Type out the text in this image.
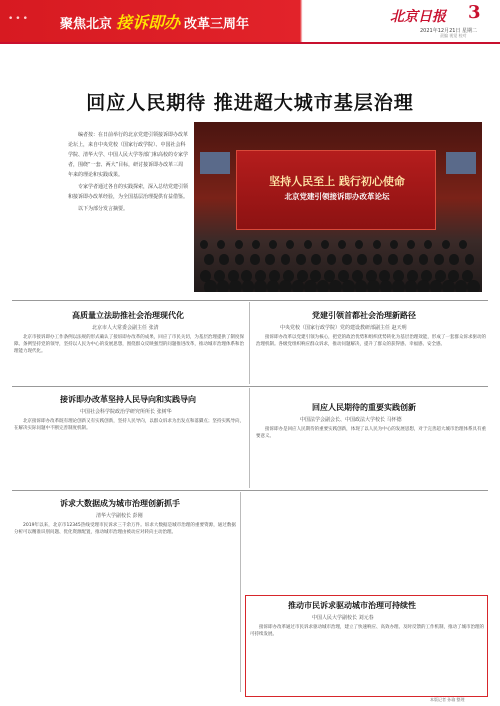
••• 聚焦北京 接诉即办 改革三周年	北京日报 3
2021年12月21日 星期二
责编 视觉 校对
回应人民期待 推进超大城市基层治理

编者按：在日前举行的北京党建引领接诉即办改革论坛上，来自中央党校（国家行政学院）、中国社会科学院、清华大学、中国人民大学等部门和高校的专家学者，围绕“一套、两大”目标，研讨接诉即办改革三周年来的理论和实践成果。

专家学者通过各自的实践探索，深入总结党建引领和接诉即办改革经验，为全国基层治理提供有益借鉴。

以下为部分发言摘要。

坚持人民至上 践行初心使命
北京党建引领接诉即办改革论坛
高质量立法助推社会治理现代化
北京市人大常委会副主任 张清

北京市接诉即办工作条例以法规的形式确认了接诉即办改革的成果，回应了市民关切，为基层治理提供了制度保障。条例坚持党的领导，坚持以人民为中心的发展思想，围绕群众反映强烈的问题推进改革，推动城市治理体系和治理能力现代化。

党建引领首都社会治理新路径
中央党校（国家行政学院）党的建设教研部副主任 赵天明

接诉即办改革以党建引领为核心，把党的政治优势和组织优势转化为基层治理效能，形成了一套群众诉求驱动的治理机制。各级党组织响应群众诉求，推动问题解决，提升了群众的获得感、幸福感、安全感。

接诉即办改革坚持人民导向和实践导向
中国社会科学院政治学研究所所长 张树华

北京接诉即办改革既有理论创新又有实践创新，坚持人民导向，以群众诉求为出发点和落脚点；坚持实践导向，在解决实际问题中不断完善制度机制。

回应人民期待的重要实践创新
中国法学会副会长、中国政法大学校长 马怀德

接诉即办是回应人民期待的重要实践创新，体现了以人民为中心的发展思想，对于完善超大城市治理体系具有重要意义。

诉求大数据成为城市治理创新抓手
清华大学副校长 彭刚

2019年以来，北京市12345热线受理市民诉求三千余万件。诉求大数据是城市治理的重要资源，通过数据分析可以精准识别问题、优化资源配置，推动城市治理由被动应对转向主动治理。

推动市民诉求驱动城市治理可持续性
中国人民大学副校长 刘元春

接诉即办改革通过市民诉求驱动城市治理，建立了快速响应、高效办理、及时反馈的工作机制，推动了城市治理的可持续发展。

本版记者 孙瑜 整理
